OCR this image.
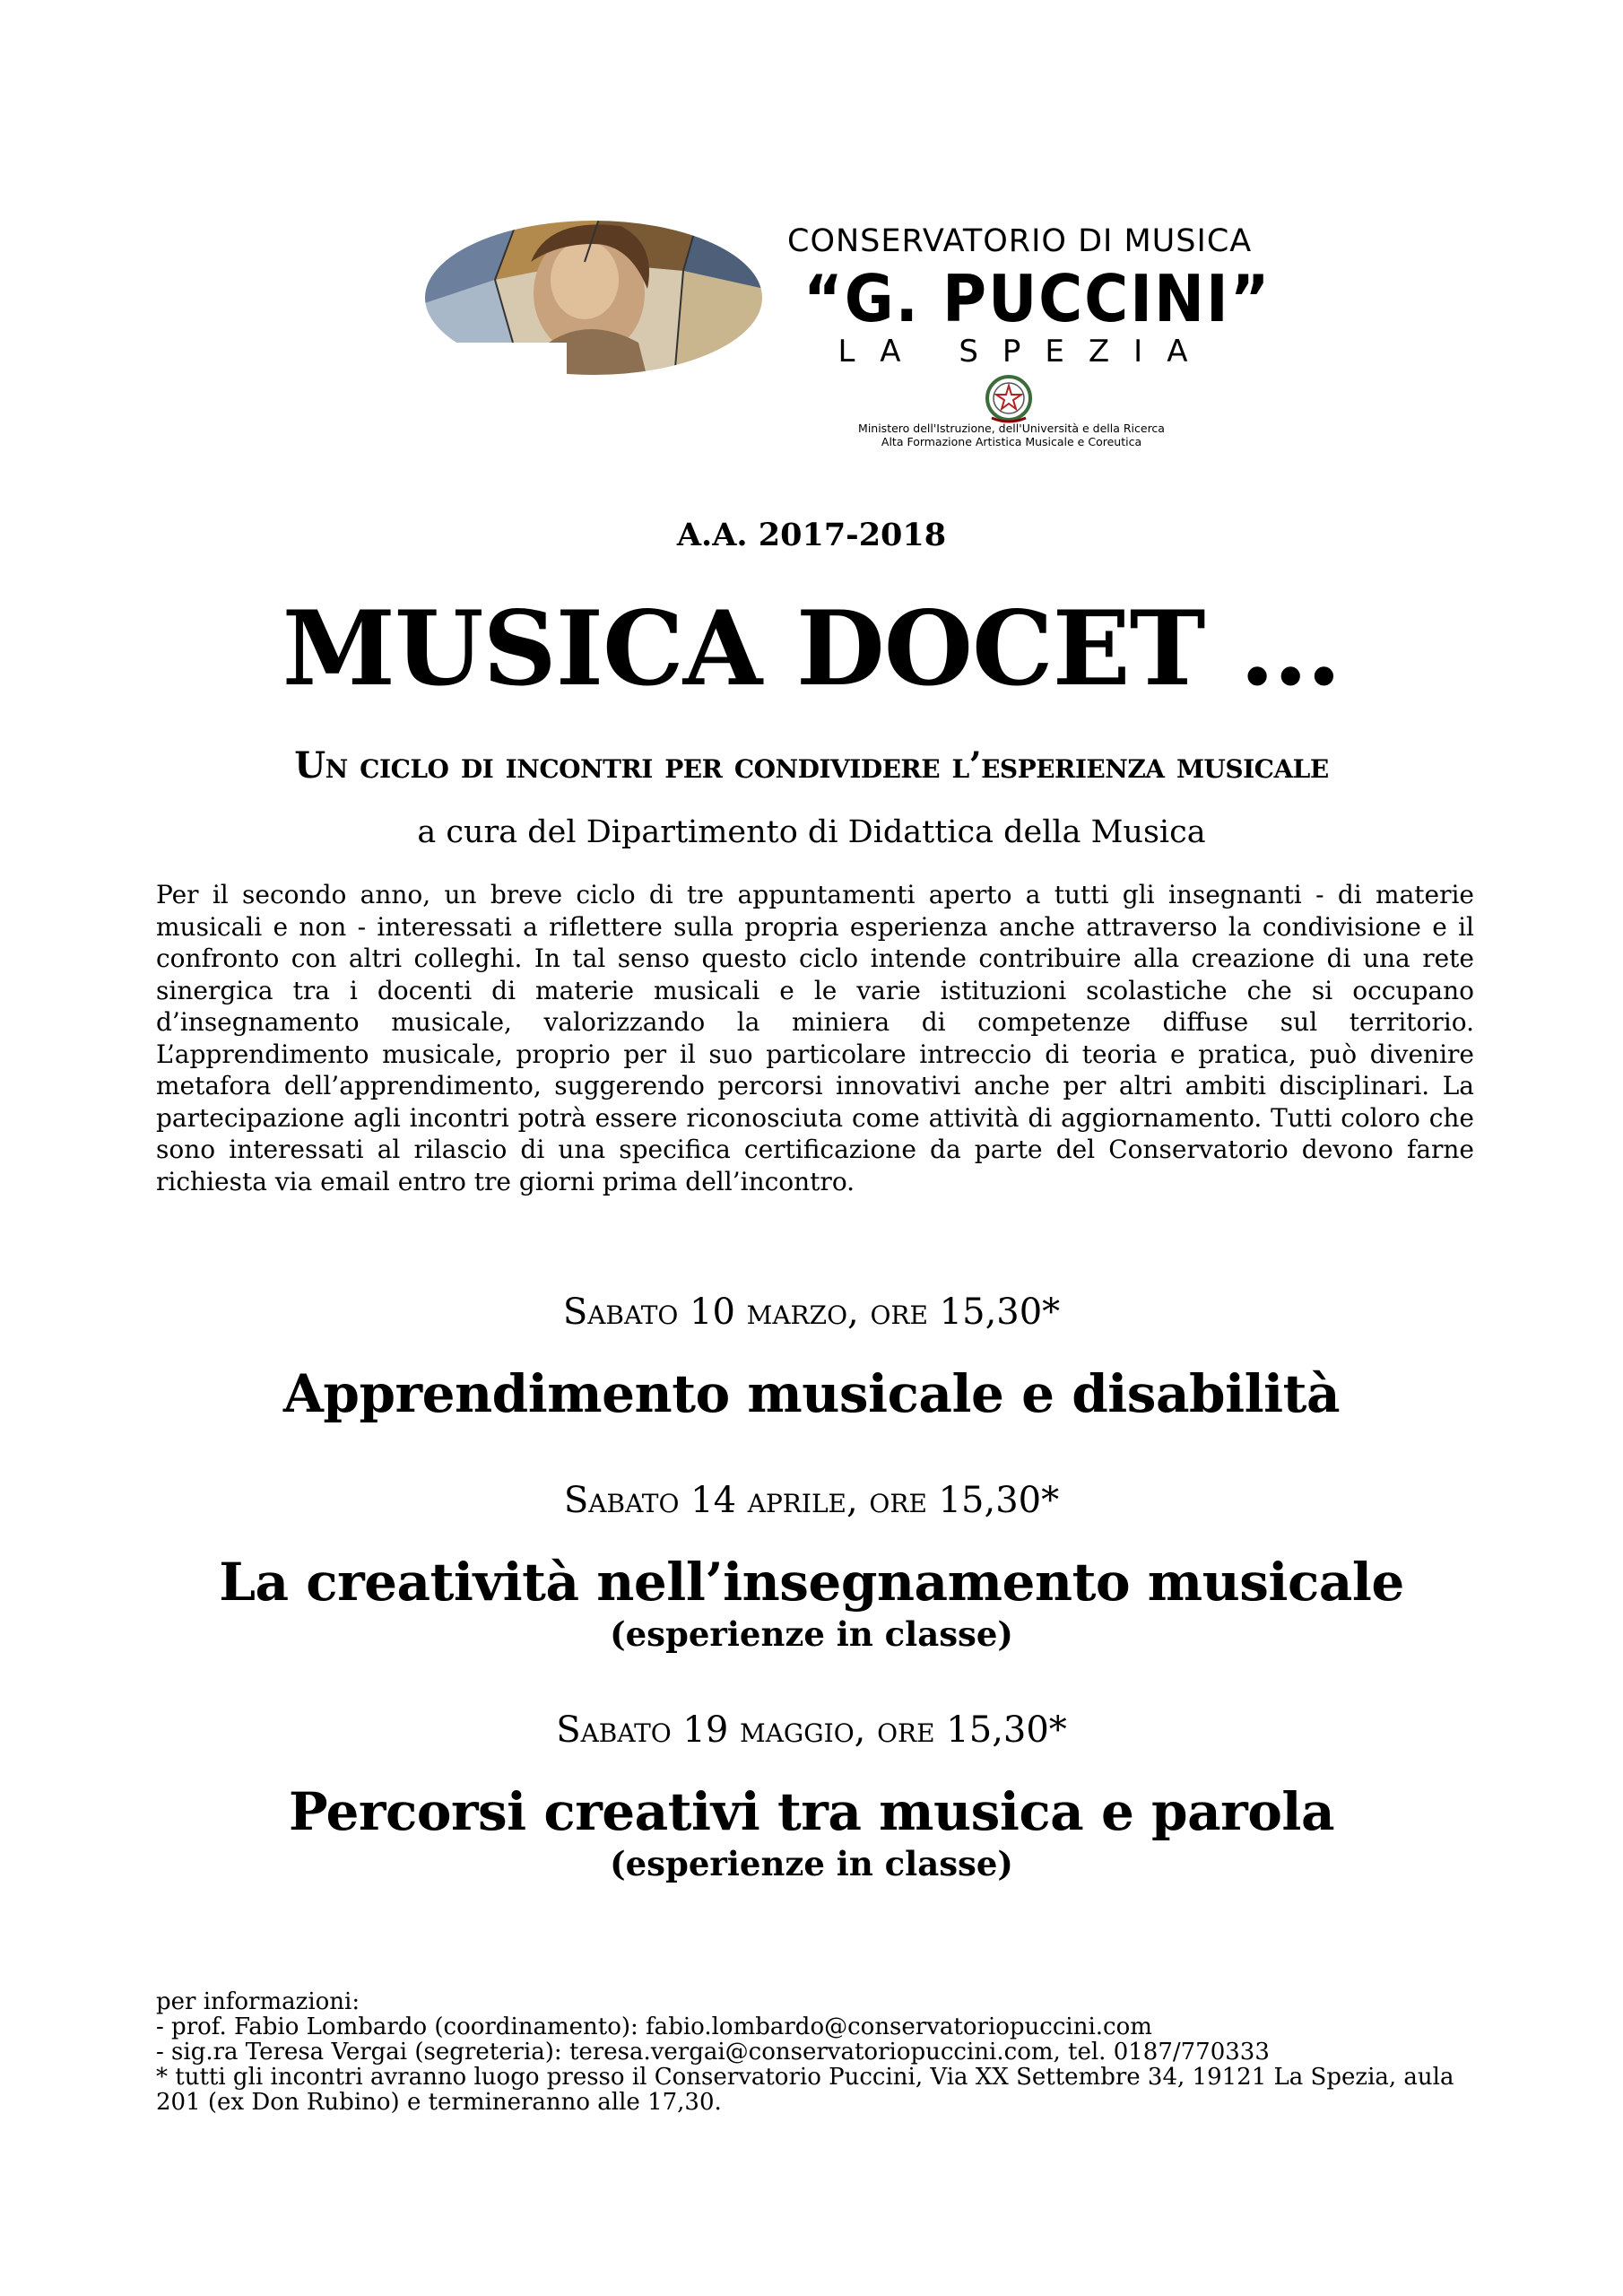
CONSERVATORIO DI MUSICA
“G. PUCCINI”
LA SPEZIA
Ministero dell'Istruzione, dell'Università e della Ricerca
Alta Formazione Artistica Musicale e Coreutica
A.A. 2017-2018
MUSICA DOCET …
Un ciclo di incontri per condividere l’esperienza musicale
a cura del Dipartimento di Didattica della Musica
Per il secondo anno, un breve ciclo di tre appuntamenti aperto a tutti gli insegnanti - di materie musicali e non - interessati a riflettere sulla propria esperienza anche attraverso la condivisione e il confronto con altri colleghi. In tal senso questo ciclo intende contribuire alla creazione di una rete sinergica tra i docenti di materie musicali e le varie istituzioni scolastiche che si occupano d’insegnamento musicale, valorizzando la miniera di competenze diffuse sul territorio. L’apprendimento musicale, proprio per il suo particolare intreccio di teoria e pratica, può divenire metafora dell’apprendimento, suggerendo percorsi innovativi anche per altri ambiti disciplinari. La partecipazione agli incontri potrà essere riconosciuta come attività di aggiornamento. Tutti coloro che sono interessati al rilascio di una specifica certificazione da parte del Conservatorio devono farne richiesta via email entro tre giorni prima dell’incontro.
Sabato 10 marzo, ore 15,30*
Apprendimento musicale e disabilità
Sabato 14 aprile, ore 15,30*
La creatività nell’insegnamento musicale
(esperienze in classe)
Sabato 19 maggio, ore 15,30*
Percorsi creativi tra musica e parola
(esperienze in classe)
per informazioni:
- prof. Fabio Lombardo (coordinamento): fabio.lombardo@conservatoriopuccini.com
- sig.ra Teresa Vergai (segreteria): teresa.vergai@conservatoriopuccini.com, tel. 0187/770333
* tutti gli incontri avranno luogo presso il Conservatorio Puccini, Via XX Settembre 34, 19121 La Spezia, aula 201 (ex Don Rubino) e termineranno alle 17,30.
